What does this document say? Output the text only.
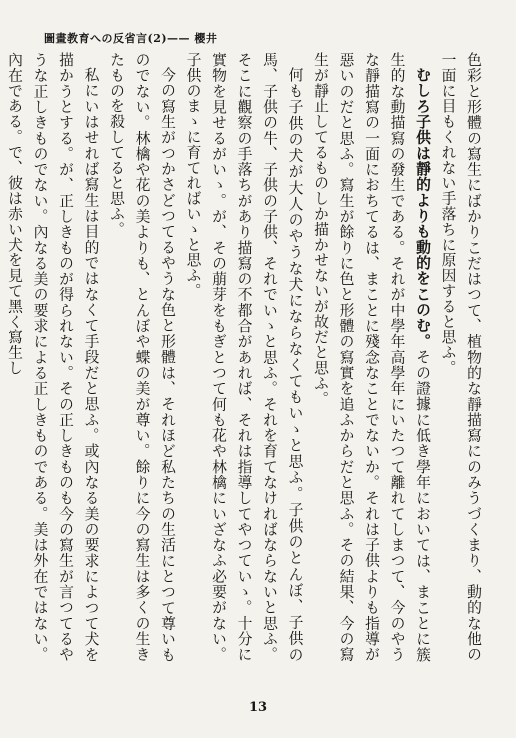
圖畫教育への反省言(2)—— 櫻井

色彩と形體の寫生にばかりこだはつて、植物的な靜描寫にのみうづくまり、動的な他の一面に目もくれない手落ちに原因すると思ふ。

むしろ子供は靜的よりも動的をこのむ。その證據に低き學年においては、まことに簇生的な動描寫の發生である。それが中學年高學年にいたつて離れてしまつて、今のやうな靜描寫の一面におちてるは、まことに殘念なことでないか。それは子供よりも指導が惡いのだと思ふ。寫生が餘りに色と形體の寫實を追ふからだと思ふ。その結果、今の寫生が靜止してるものしか描かせないが故だと思ふ。

何も子供の犬が大人のやうな犬にならなくてもいゝと思ふ。子供のとんぼ、子供の馬、子供の牛、子供の子供、それでいゝと思ふ。それを育てなければならないと思ふ。そこに觀察の手落ちがあり描寫の不都合があれば、それは指導してやつていゝ。十分に實物を見せるがいゝ。が、その萠芽をもぎとつて何も花や林檎にいざなふ必要がない。子供のまゝに育てればいゝと思ふ。

今の寫生がつかさどつてるやうな色と形體は、それほど私たちの生活にとつて尊いものでない。林檎や花の美よりも、とんぼや蝶の美が尊い。餘りに今の寫生は多くの生きたものを殺してると思ふ。

私にいはせれば寫生は目的ではなくて手段だと思ふ。或內なる美の要求によつて犬を描かうとする。が、正しきものが得られない。その正しきものも今の寫生が言つてるやうな正しきものでない。內なる美の要求による正しきものである。美は外在ではない。內在である。で、彼は赤い犬を見て黑く寫生し

13
